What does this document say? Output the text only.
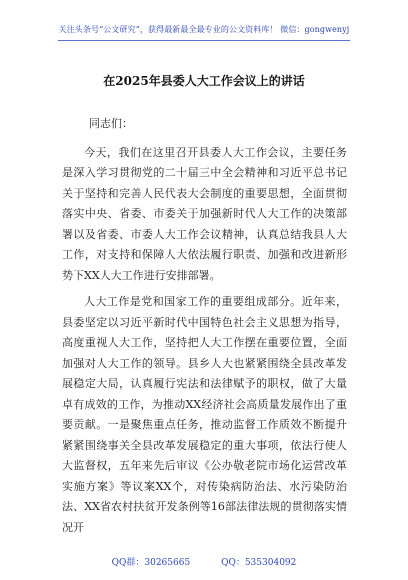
关注头条号“公文研究”，获得最新最全最专业的公文资料库！ 微信：gongwenyj
在2025年县委人大工作会议上的讲话
同志们：

今天，我们在这里召开县委人大工作会议，主要任务是深入学习贯彻党的二十届三中全会精神和习近平总书记关于坚持和完善人民代表大会制度的重要思想，全面贯彻落实中央、省委、市委关于加强新时代人大工作的决策部署以及省委、市委人大工作会议精神，认真总结我县人大工作，对支持和保障人大依法履行职责、加强和改进新形势下XX人大工作进行安排部署。

人大工作是党和国家工作的重要组成部分。近年来，县委坚定以习近平新时代中国特色社会主义思想为指导，高度重视人大工作，坚持把人大工作摆在重要位置，全面加强对人大工作的领导。县乡人大也紧紧围绕全县改革发展稳定大局，认真履行宪法和法律赋予的职权，做了大量卓有成效的工作，为推动XX经济社会高质量发展作出了重要贡献。一是聚焦重点任务，推动监督工作质效不断提升紧紧围绕事关全县改革发展稳定的重大事项，依法行使人大监督权，五年来先后审议《公办敬老院市场化运营改革实施方案》等议案XX个，对传染病防治法、水污染防治法、XX省农村扶贫开发条例等16部法律法规的贯彻落实情况开

QQ群：30265665	QQ：535304092
